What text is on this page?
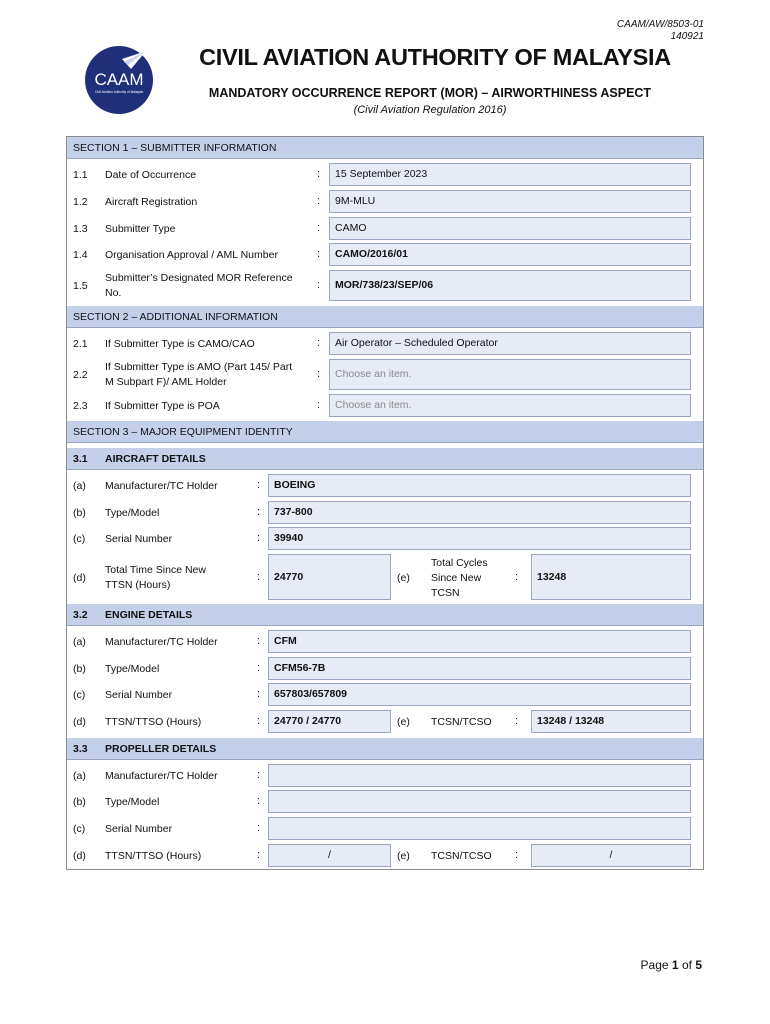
CAAM/AW/8503-01
140921
CAAM
Civil Aviation Authority of Malaysia
CIVIL AVIATION AUTHORITY OF MALAYSIA
MANDATORY OCCURRENCE REPORT (MOR) – AIRWORTHINESS ASPECT
(Civil Aviation Regulation 2016)
SECTION 1 – SUBMITTER INFORMATION
1.1 Date of Occurrence	:	15 September 2023
1.2 Aircraft Registration	:	9M-MLU
1.3 Submitter Type	:	CAMO
1.4 Organisation Approval / AML Number	:	CAMO/2016/01
1.5
Submitter’s Designated MOR Reference
No.
:	MOR/738/23/SEP/06
SECTION 2 – ADDITIONAL INFORMATION
2.1 If Submitter Type is CAMO/CAO	:	Air Operator – Scheduled Operator
2.2
If Submitter Type is AMO (Part 145/ Part
M Subpart F)/ AML Holder
:	Choose an item.
2.3 If Submitter Type is POA	:	Choose an item.
SECTION 3 – MAJOR EQUIPMENT IDENTITY
3.1 AIRCRAFT DETAILS
(a) Manufacturer/TC Holder	:	BOEING
(b) Type/Model	:	737-800
(c) Serial Number	:	39940
(d)
Total Time Since New
TTSN (Hours)
:	24770	(e)
Total Cycles
Since New
TCSN
:	13248
3.2 ENGINE DETAILS
(a) Manufacturer/TC Holder	:	CFM
(b) Type/Model	:	CFM56-7B
(c) Serial Number	:	657803/657809
(d) TTSN/TTSO (Hours)	:	24770 / 24770	(e) TCSN/TCSO :	13248 / 13248
3.3 PROPELLER DETAILS
(a) Manufacturer/TC Holder	:
(b) Type/Model	:
(c) Serial Number	:
(d) TTSN/TTSO (Hours)	:	/	(e) TCSN/TCSO :	/
Page 1 of 5
